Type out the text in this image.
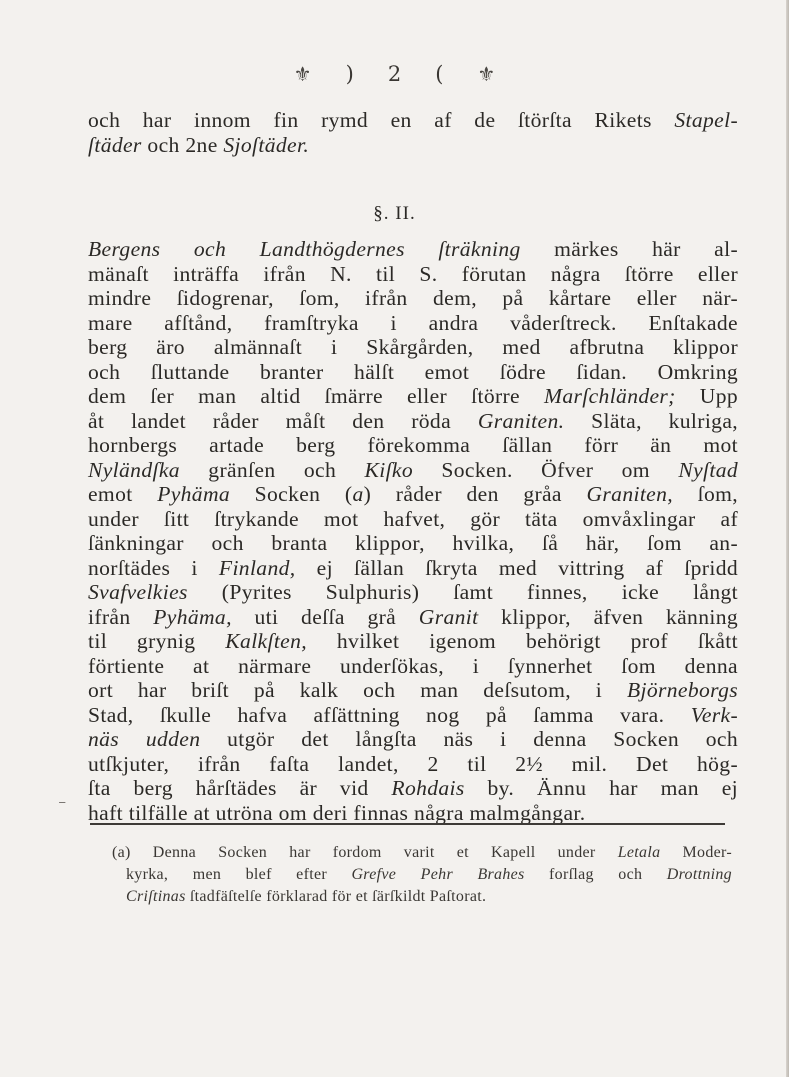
⚜ ) 2 ( ⚜
och har innom fin rymd en af de ſtörſta Rikets Stapel-
ſtäder och 2ne Sjoſtäder.
§. II.
Bergens och Landthögdernes ſträkning märkes här al-
mänaſt inträffa ifrån N. til S. förutan några ſtörre eller
mindre ſidogrenar, ſom, ifrån dem, på kårtare eller när-
mare afſtånd, framſtryka i andra våderſtreck. Enſtakade
berg äro almännaſt i Skårgården, med afbrutna klippor
och ſluttande branter hälſt emot ſödre ſidan. Omkring
dem ſer man altid ſmärre eller ſtörre Marſchländer; Upp
åt landet råder måſt den röda Graniten. Släta, kulriga,
hornbergs artade berg förekomma ſällan förr än mot
Nyländſka gränſen och Kiſko Socken. Öfver om Nyſtad
emot Pyhäma Socken (a) råder den gråa Graniten, ſom,
under ſitt ſtrykande mot hafvet, gör täta omvåxlingar af
ſänkningar och branta klippor, hvilka, ſå här, ſom an-
norſtädes i Finland, ej ſällan ſkryta med vittring af ſpridd
Svafvelkies (Pyrites Sulphuris) ſamt finnes, icke långt
ifrån Pyhäma, uti deſſa grå Granit klippor, äfven känning
til grynig Kalkſten, hvilket igenom behörigt prof ſkått
förtiente at närmare underſökas, i ſynnerhet ſom denna
ort har briſt på kalk och man deſsutom, i Björneborgs
Stad, ſkulle hafva afſättning nog på ſamma vara. Verk-
näs udden utgör det långſta näs i denna Socken och
utſkjuter, ifrån faſta landet, 2 til 2½ mil. Det hög-
ſta berg hårſtädes är vid Rohdais by. Ännu har man ej
haft tilfälle at utröna om deri finnas några malmgångar.
⁻
(a) Denna Socken har fordom varit et Kapell under Letala Moder-
kyrka, men blef efter Grefve Pehr Brahes forſlag och Drottning
Criſtinas ſtadfäſtelſe förklarad för et ſärſkildt Paſtorat.
